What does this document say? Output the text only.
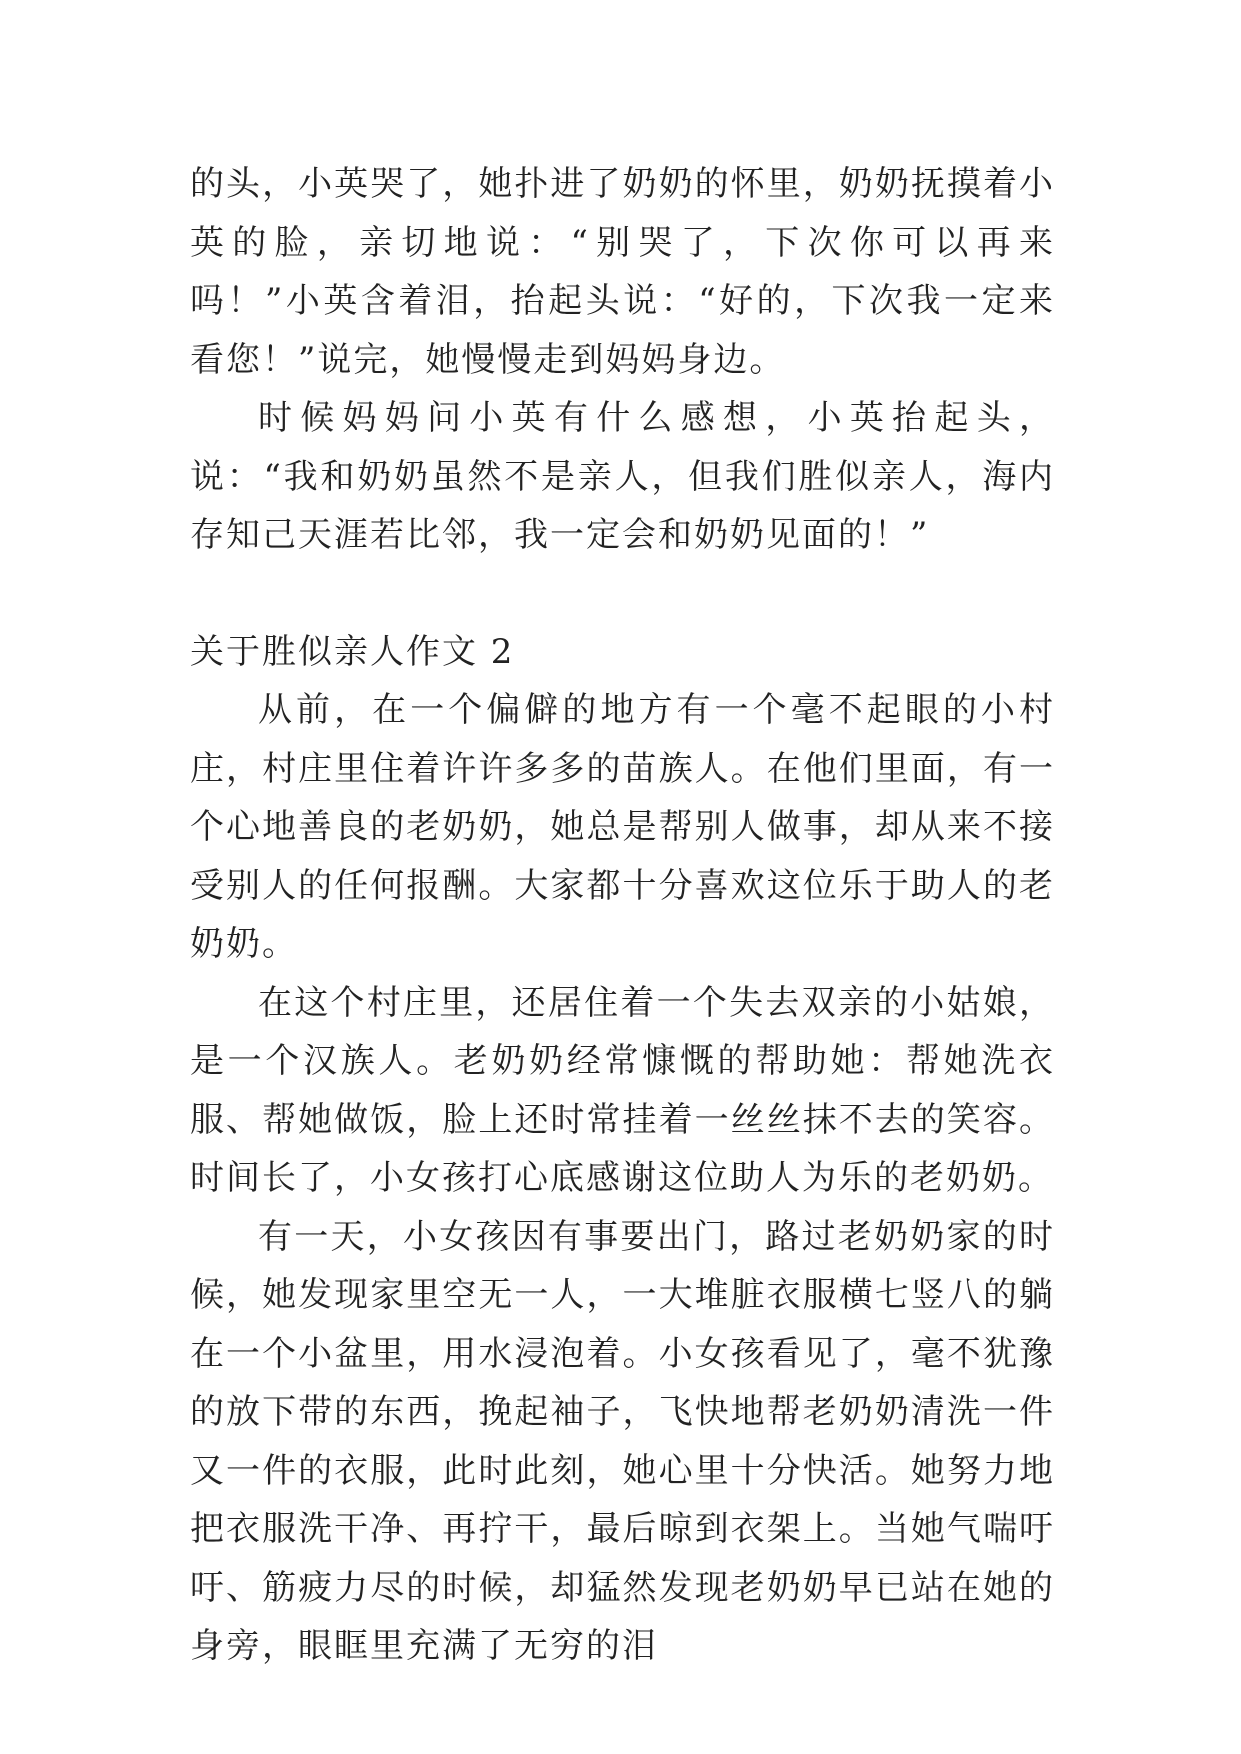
的头，小英哭了，她扑进了奶奶的怀里，奶奶抚摸着小英的脸，亲切地说：“别哭了，下次你可以再来吗！”小英含着泪，抬起头说：“好的，下次我一定来看您！”说完，她慢慢走到妈妈身边。

时候妈妈问小英有什么感想，小英抬起头，说：“我和奶奶虽然不是亲人，但我们胜似亲人，海内存知己天涯若比邻，我一定会和奶奶见面的！”

关于胜似亲人作文 2

从前，在一个偏僻的地方有一个毫不起眼的小村庄，村庄里住着许许多多的苗族人。在他们里面，有一个心地善良的老奶奶，她总是帮别人做事，却从来不接受别人的任何报酬。大家都十分喜欢这位乐于助人的老奶奶。

在这个村庄里，还居住着一个失去双亲的小姑娘，是一个汉族人。老奶奶经常慷慨的帮助她：帮她洗衣服、帮她做饭，脸上还时常挂着一丝丝抹不去的笑容。时间长了，小女孩打心底感谢这位助人为乐的老奶奶。

有一天，小女孩因有事要出门，路过老奶奶家的时候，她发现家里空无一人，一大堆脏衣服横七竖八的躺在一个小盆里，用水浸泡着。小女孩看见了，毫不犹豫的放下带的东西，挽起袖子，飞快地帮老奶奶清洗一件又一件的衣服，此时此刻，她心里十分快活。她努力地把衣服洗干净、再拧干，最后晾到衣架上。当她气喘吁吁、筋疲力尽的时候，却猛然发现老奶奶早已站在她的身旁，眼眶里充满了无穷的泪
